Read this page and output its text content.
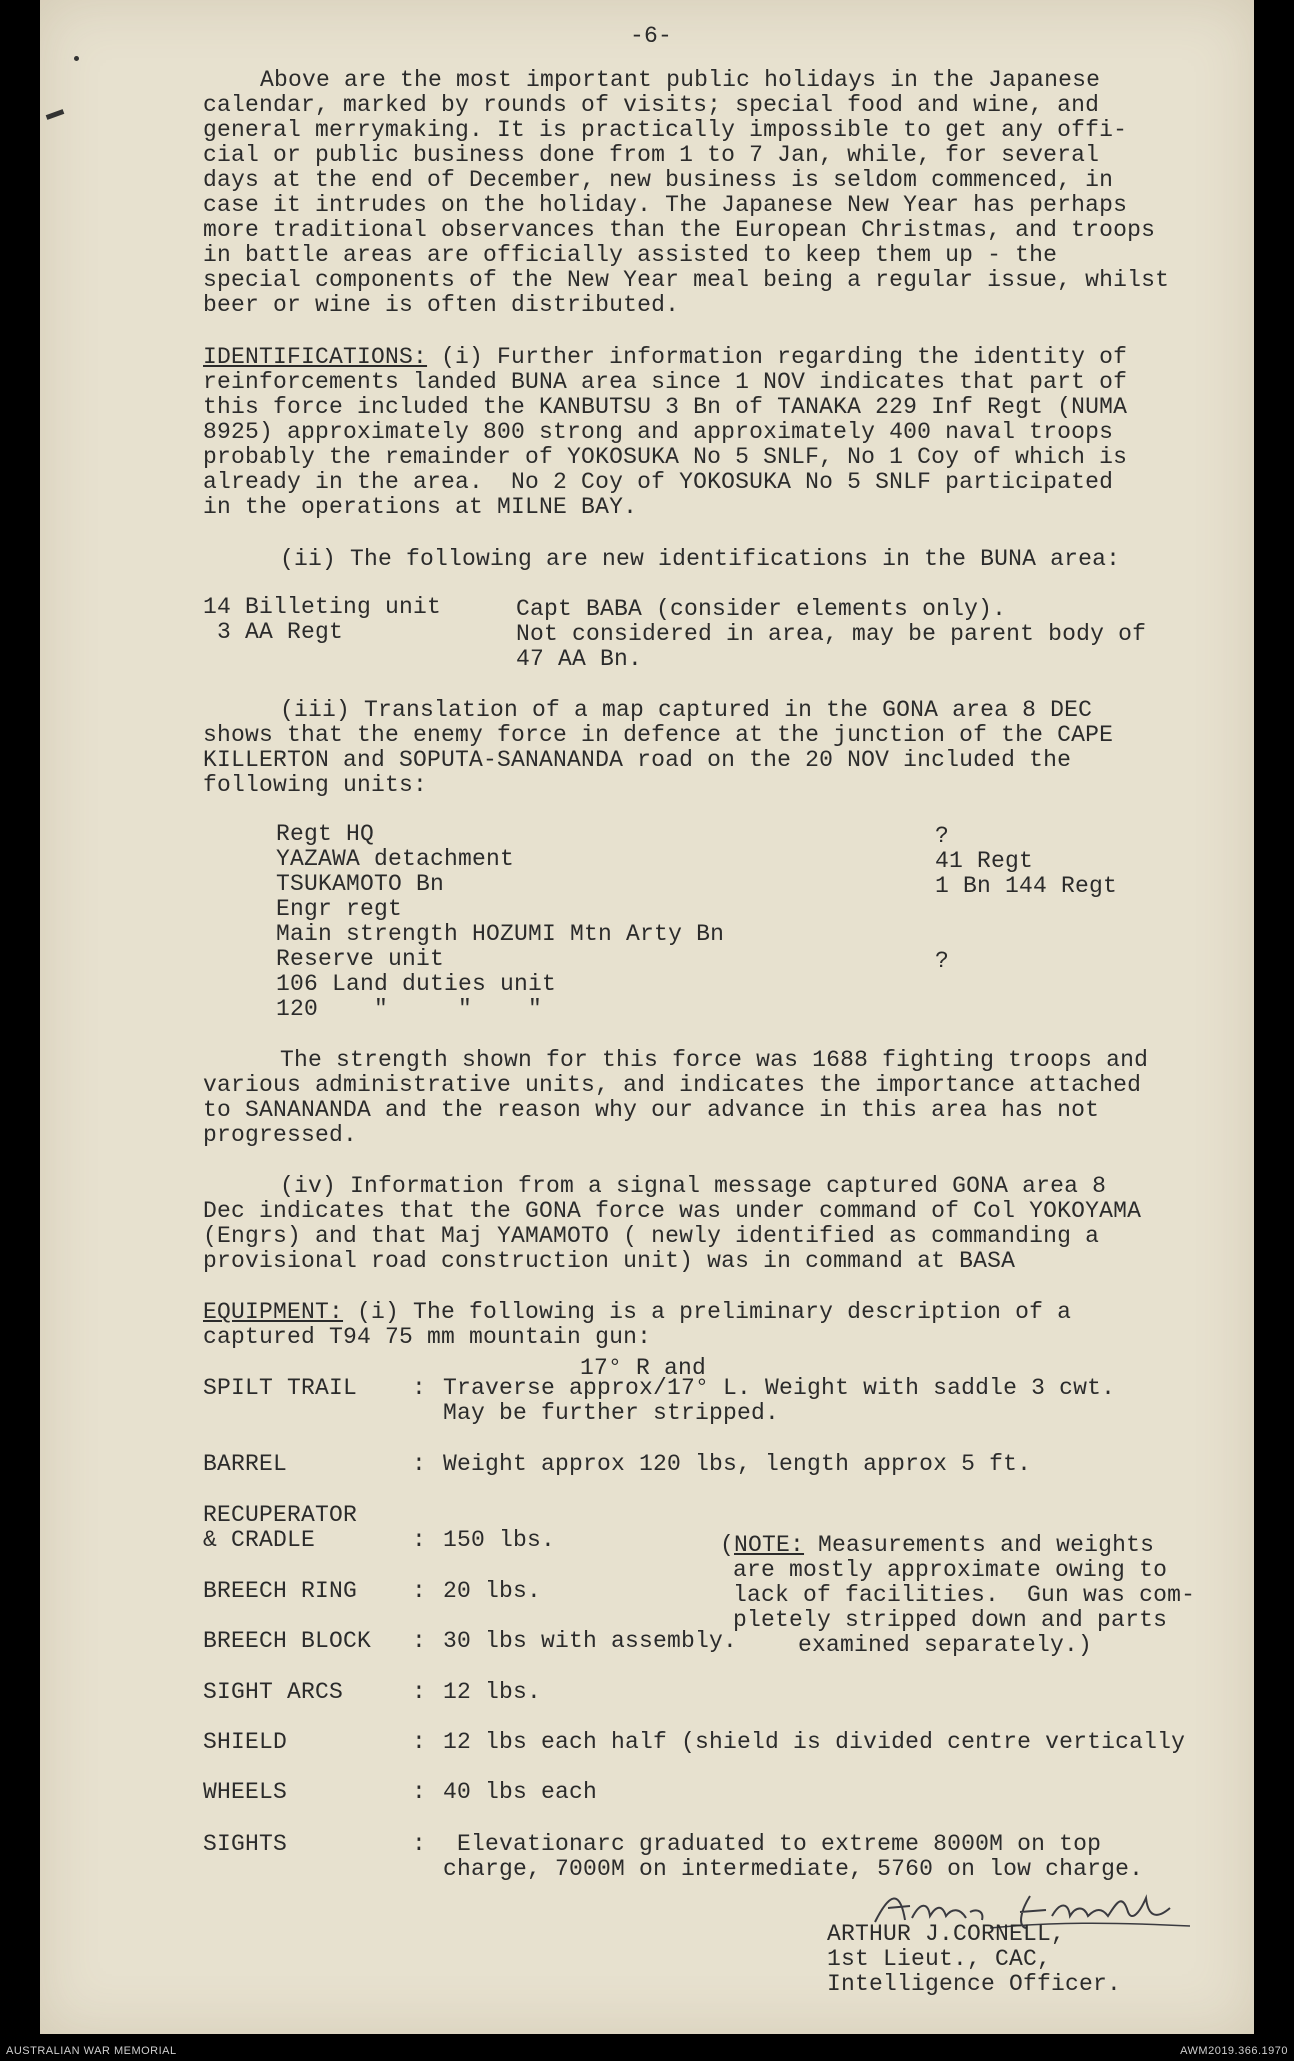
-6-
Above are the most important public holidays in the Japanese
calendar, marked by rounds of visits; special food and wine, and
general merrymaking. It is practically impossible to get any offi-
cial or public business done from 1 to 7 Jan, while, for several
days at the end of December, new business is seldom commenced, in
case it intrudes on the holiday. The Japanese New Year has perhaps
more traditional observances than the European Christmas, and troops
in battle areas are officially assisted to keep them up - the
special components of the New Year meal being a regular issue, whilst
beer or wine is often distributed.
IDENTIFICATIONS: (i) Further information regarding the identity of
reinforcements landed BUNA area since 1 NOV indicates that part of
this force included the KANBUTSU 3 Bn of TANAKA 229 Inf Regt (NUMA
8925) approximately 800 strong and approximately 400 naval troops
probably the remainder of YOKOSUKA No 5 SNLF, No 1 Coy of which is
already in the area.  No 2 Coy of YOKOSUKA No 5 SNLF participated
in the operations at MILNE BAY.
(ii) The following are new identifications in the BUNA area:
14 Billeting unit	Capt BABA (consider elements only).
3 AA Regt	Not considered in area, may be parent body of
47 AA Bn.
(iii) Translation of a map captured in the GONA area 8 DEC
shows that the enemy force in defence at the junction of the CAPE
KILLERTON and SOPUTA-SANANANDA road on the 20 NOV included the
following units:
Regt HQ	?
YAZAWA detachment	41 Regt
TSUKAMOTO Bn	1 Bn 144 Regt
Engr regt
Main strength HOZUMI Mtn Arty Bn
Reserve unit	?
106 Land duties unit
120    "     "    "
The strength shown for this force was 1688 fighting troops and
various administrative units, and indicates the importance attached
to SANANANDA and the reason why our advance in this area has not
progressed.
(iv) Information from a signal message captured GONA area 8
Dec indicates that the GONA force was under command of Col YOKOYAMA
(Engrs) and that Maj YAMAMOTO ( newly identified as commanding a
provisional road construction unit) was in command at BASA
EQUIPMENT: (i) The following is a preliminary description of a
captured T94 75 mm mountain gun:
17° R and
SPILT TRAIL : Traverse approx/17° L. Weight with saddle 3 cwt.
May be further stripped.
BARREL	: Weight approx 120 lbs, length approx 5 ft.
RECUPERATOR
& CRADLE	: 150 lbs.
BREECH RING : 20 lbs.
BREECH BLOCK : 30 lbs with assembly.
SIGHT ARCS	: 12 lbs.
SHIELD	: 12 lbs each half (shield is divided centre vertically
WHEELS	: 40 lbs each
SIGHTS	: Elevationarc graduated to extreme 8000M on top
charge, 7000M on intermediate, 5760 on low charge.
(NOTE: Measurements and weights
are mostly approximate owing to
lack of facilities.  Gun was com-
pletely stripped down and parts
examined separately.)
ARTHUR J.CORNELL,
1st Lieut., CAC,
Intelligence Officer.
AUSTRALIAN WAR MEMORIAL	AWM2019.366.1970
